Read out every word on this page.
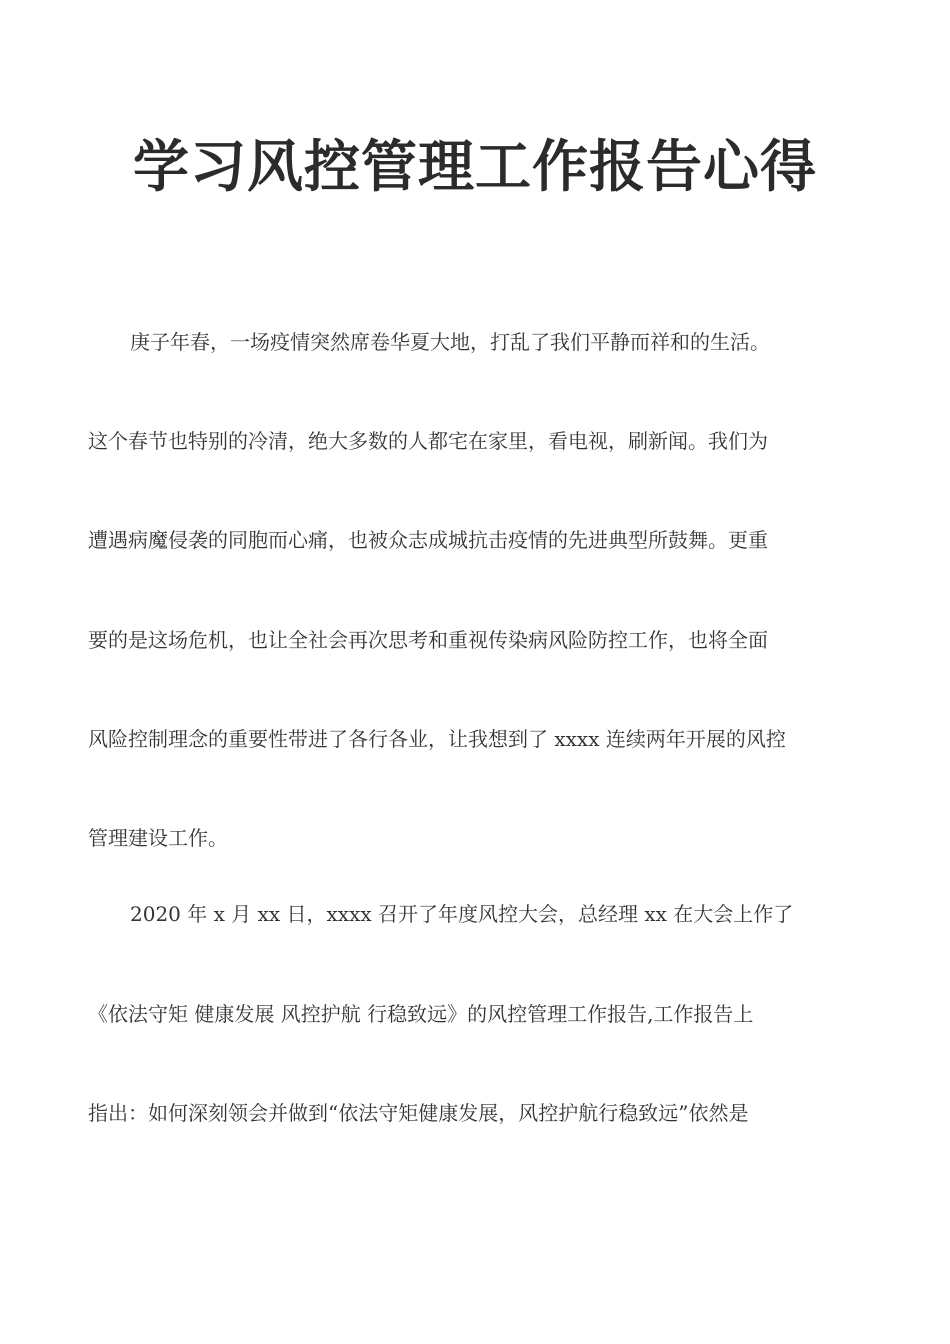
学习风控管理工作报告心得
庚子年春，一场疫情突然席卷华夏大地，打乱了我们平静而祥和的生活。
这个春节也特别的冷清，绝大多数的人都宅在家里，看电视，刷新闻。我们为
遭遇病魔侵袭的同胞而心痛，也被众志成城抗击疫情的先进典型所鼓舞。更重
要的是这场危机，也让全社会再次思考和重视传染病风险防控工作，也将全面
风险控制理念的重要性带进了各行各业，让我想到了 xxxx 连续两年开展的风控
管理建设工作。
2020 年 x 月 xx 日，xxxx 召开了年度风控大会，总经理 xx 在大会上作了
《依法守矩 健康发展 风控护航 行稳致远》的风控管理工作报告,工作报告上
指出：如何深刻领会并做到“依法守矩健康发展，风控护航行稳致远”依然是
